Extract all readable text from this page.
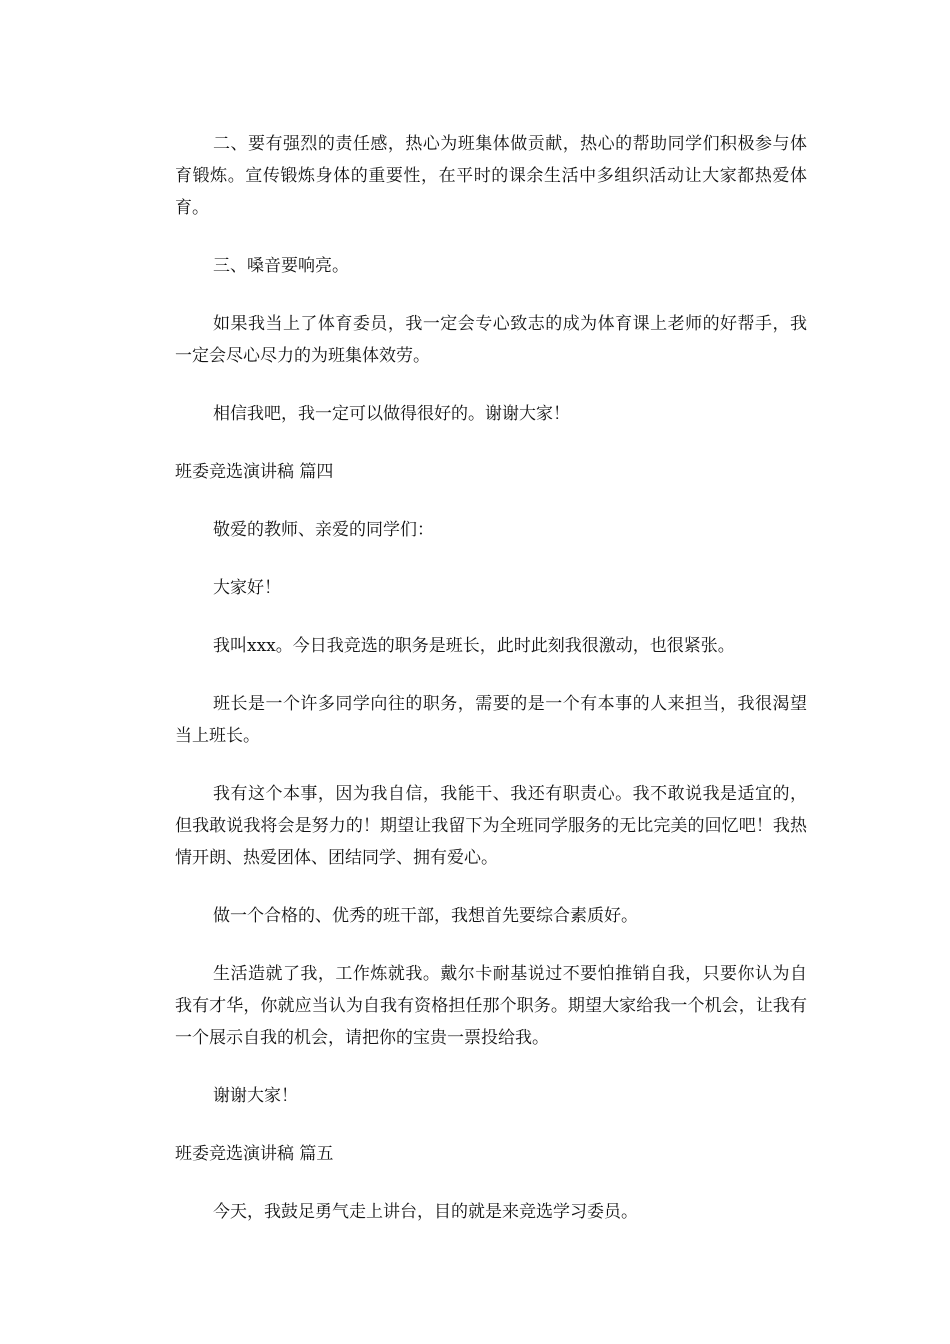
二、要有强烈的责任感，热心为班集体做贡献，热心的帮助同学们积极参与体育锻炼。宣传锻炼身体的重要性，在平时的课余生活中多组织活动让大家都热爱体育。

三、嗓音要响亮。

如果我当上了体育委员，我一定会专心致志的成为体育课上老师的好帮手，我一定会尽心尽力的为班集体效劳。

相信我吧，我一定可以做得很好的。谢谢大家！

班委竞选演讲稿 篇四

敬爱的教师、亲爱的同学们：

大家好！

我叫xxx。今日我竞选的职务是班长，此时此刻我很激动，也很紧张。

班长是一个许多同学向往的职务，需要的是一个有本事的人来担当，我很渴望当上班长。

我有这个本事，因为我自信，我能干、我还有职责心。我不敢说我是适宜的，但我敢说我将会是努力的！期望让我留下为全班同学服务的无比完美的回忆吧！我热情开朗、热爱团体、团结同学、拥有爱心。

做一个合格的、优秀的班干部，我想首先要综合素质好。

生活造就了我，工作炼就我。戴尔卡耐基说过不要怕推销自我，只要你认为自我有才华，你就应当认为自我有资格担任那个职务。期望大家给我一个机会，让我有一个展示自我的机会，请把你的宝贵一票投给我。

谢谢大家！

班委竞选演讲稿 篇五

今天，我鼓足勇气走上讲台，目的就是来竞选学习委员。
